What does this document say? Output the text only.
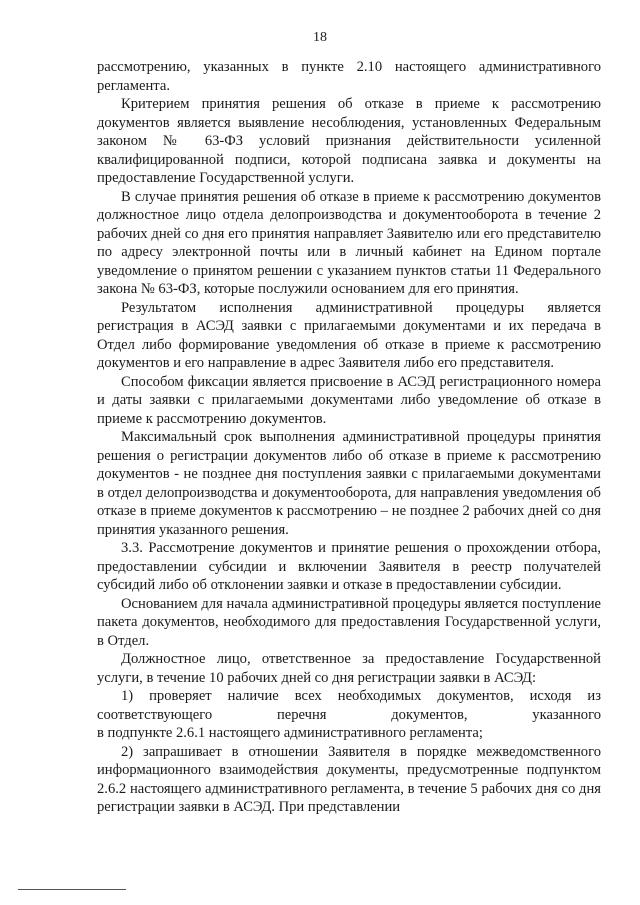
18

рассмотрению, указанных в пункте 2.10 настоящего административного регламента.

Критерием принятия решения об отказе в приеме к рассмотрению документов является выявление несоблюдения, установленных Федеральным законом № 63-ФЗ условий признания действительности усиленной квалифицированной подписи, которой подписана заявка и документы на предоставление Государственной услуги.

В случае принятия решения об отказе в приеме к рассмотрению документов должностное лицо отдела делопроизводства и документооборота в течение 2 рабочих дней со дня его принятия направляет Заявителю или его представителю по адресу электронной почты или в личный кабинет на Едином портале уведомление о принятом решении с указанием пунктов статьи 11 Федерального закона № 63-ФЗ, которые послужили основанием для его принятия.

Результатом исполнения административной процедуры является регистрация в АСЭД заявки с прилагаемыми документами и их передача в Отдел либо формирование уведомления об отказе в приеме к рассмотрению документов и его направление в адрес Заявителя либо его представителя.

Способом фиксации является присвоение в АСЭД регистрационного номера и даты заявки с прилагаемыми документами либо уведомление об отказе в приеме к рассмотрению документов.

Максимальный срок выполнения административной процедуры принятия решения о регистрации документов либо об отказе в приеме к рассмотрению документов - не позднее дня поступления заявки с прилагаемыми документами в отдел делопроизводства и документооборота, для направления уведомления об отказе в приеме документов к рассмотрению – не позднее 2 рабочих дней со дня принятия указанного решения.

3.3. Рассмотрение документов и принятие решения о прохождении отбора, предоставлении субсидии и включении Заявителя в реестр получателей субсидий либо об отклонении заявки и отказе в предоставлении субсидии.

Основанием для начала административной процедуры является поступление пакета документов, необходимого для предоставления Государственной услуги, в Отдел.

Должностное лицо, ответственное за предоставление Государственной услуги, в течение 10 рабочих дней со дня регистрации заявки в АСЭД:

1) проверяет наличие всех необходимых документов, исходя из соответствующего перечня документов, указанного

в подпункте 2.6.1 настоящего административного регламента;

2) запрашивает в отношении Заявителя в порядке межведомственного информационного взаимодействия документы, предусмотренные подпунктом 2.6.2 настоящего административного регламента, в течение 5 рабочих дня со дня регистрации заявки в АСЭД. При представлении
